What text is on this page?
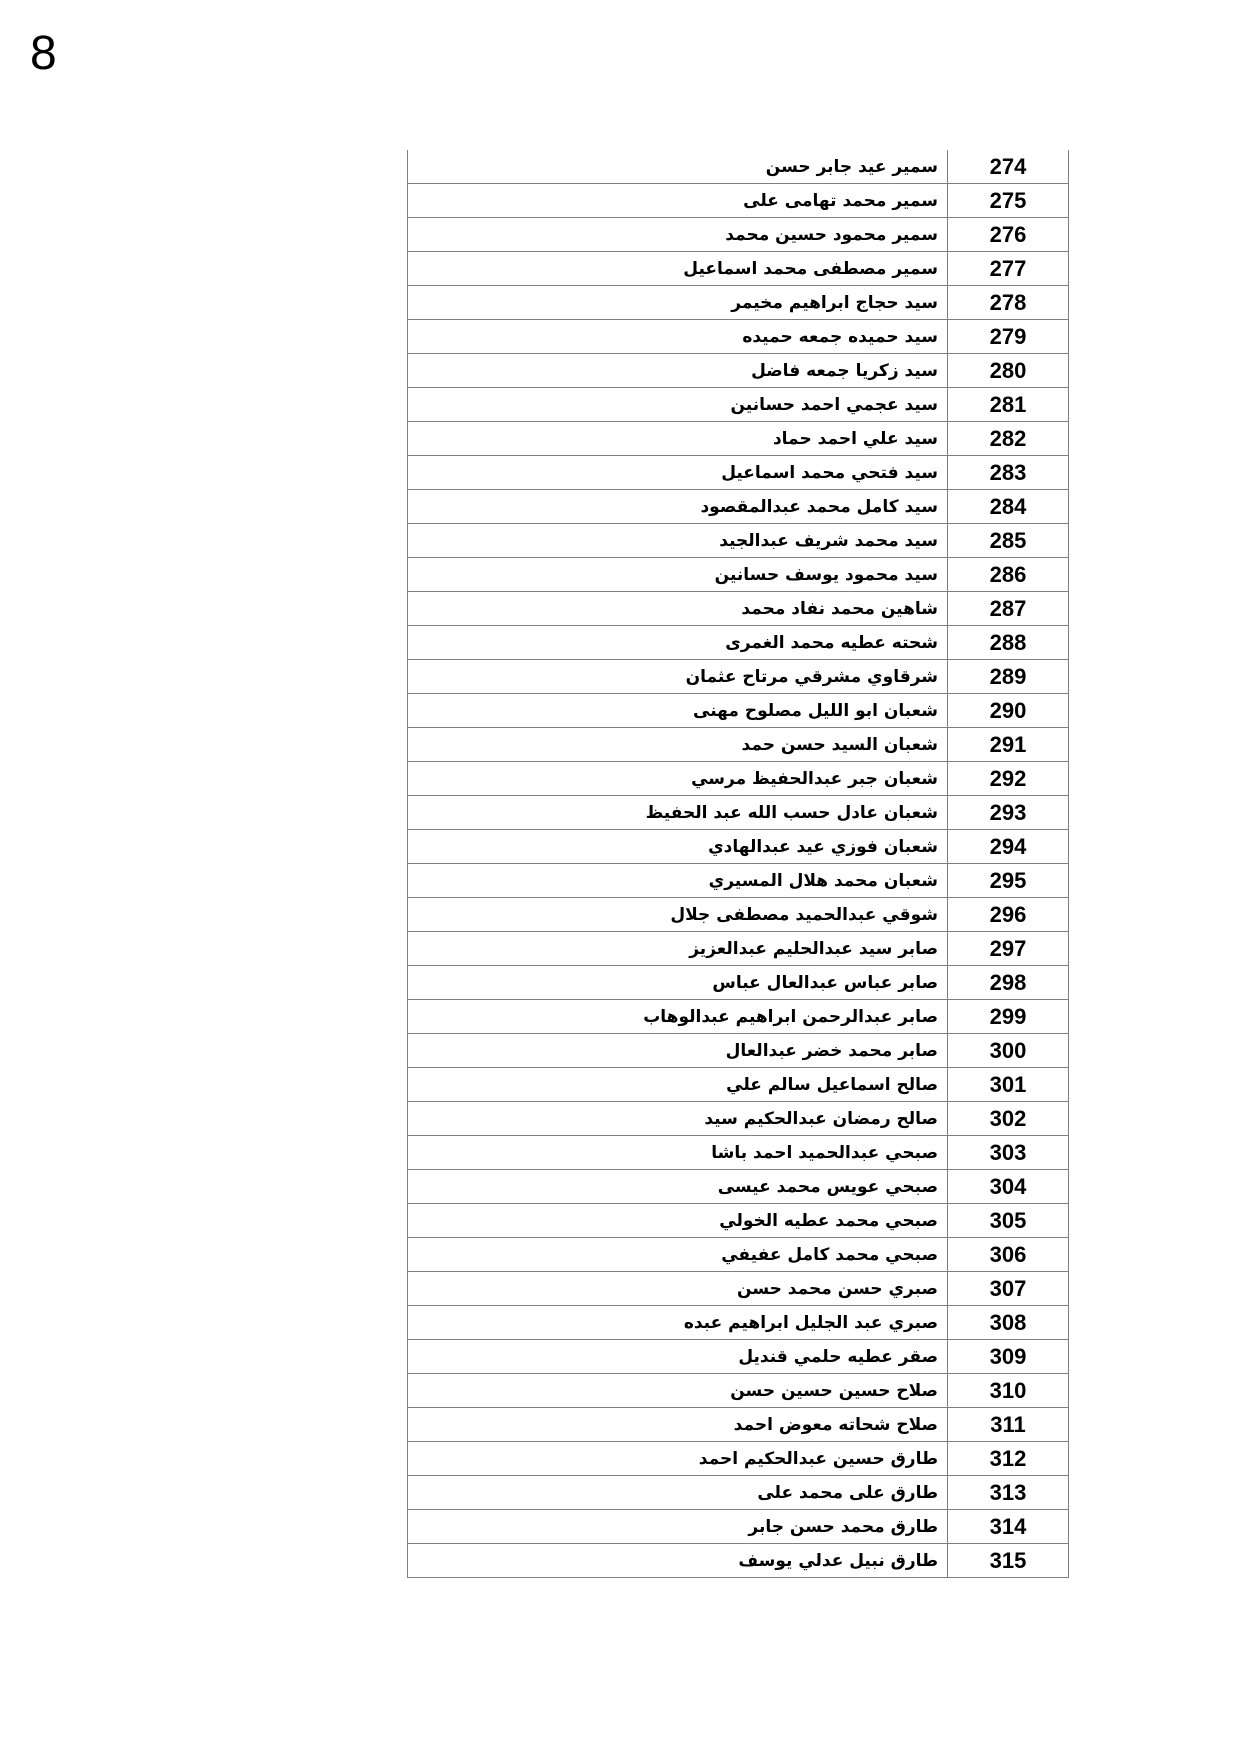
8
سمير عيد جابر حسن	274
سمير محمد تهامى على	275
سمير محمود حسين محمد	276
سمير مصطفى محمد اسماعيل	277
سيد حجاج ابراهيم مخيمر	278
سيد حميده جمعه حميده	279
سيد زكريا جمعه فاضل	280
سيد عجمي احمد حسانين	281
سيد علي احمد حماد	282
سيد فتحي محمد اسماعيل	283
سيد كامل محمد عبدالمقصود	284
سيد محمد شريف عبدالجيد	285
سيد محمود يوسف حسانين	286
شاهين محمد نفاد محمد	287
شحته عطيه محمد الغمرى	288
شرقاوي مشرقي مرتاح عثمان	289
شعبان ابو الليل مصلوح مهنى	290
شعبان السيد حسن حمد	291
شعبان جبر عبدالحفيظ مرسي	292
شعبان عادل حسب الله عبد الحفيظ	293
شعبان فوزي عيد عبدالهادي	294
شعبان محمد هلال المسيري	295
شوقي عبدالحميد مصطفى جلال	296
صابر سيد عبدالحليم عبدالعزيز	297
صابر عباس عبدالعال عباس	298
صابر عبدالرحمن ابراهيم عبدالوهاب	299
صابر محمد خضر عبدالعال	300
صالح اسماعيل سالم علي	301
صالح رمضان عبدالحكيم سيد	302
صبحي عبدالحميد احمد باشا	303
صبحي عويس محمد عيسى	304
صبحي محمد عطيه الخولي	305
صبحي محمد كامل عفيفي	306
صبري حسن محمد حسن	307
صبري عبد الجليل ابراهيم عبده	308
صقر عطيه حلمي قنديل	309
صلاح حسين حسين حسن	310
صلاح شحاته معوض احمد	311
طارق حسين عبدالحكيم احمد	312
طارق على محمد على	313
طارق محمد حسن جابر	314
طارق نبيل عدلي يوسف	315
